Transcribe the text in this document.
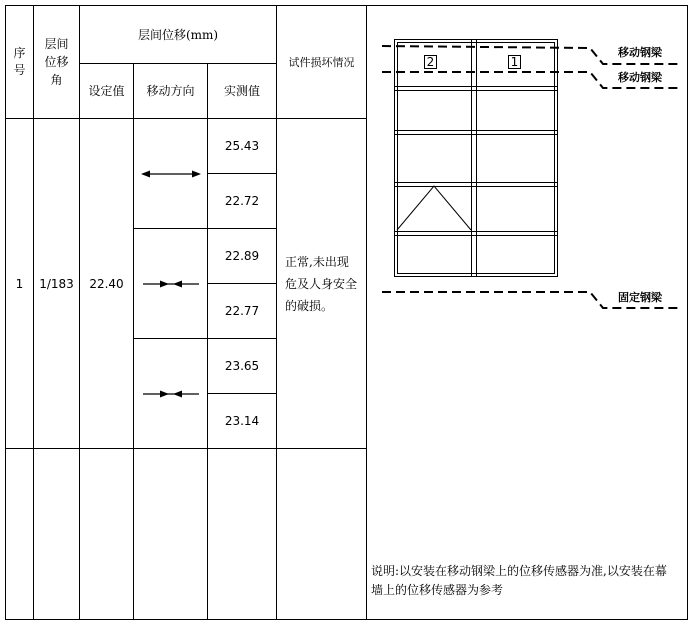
序号
层间位移角
层间位移(mm)
设定值 移动方向 实测值
试件损坏情况
1 1/183 22.40
25.43
22.72
22.89
22.77
23.65
23.14
正常,未出现危及人身安全的破损。
2	1
移动钢梁
移动钢梁
固定钢梁
说明:以安装在移动钢梁上的位移传感器为准,以安装在幕
墙上的位移传感器为参考
